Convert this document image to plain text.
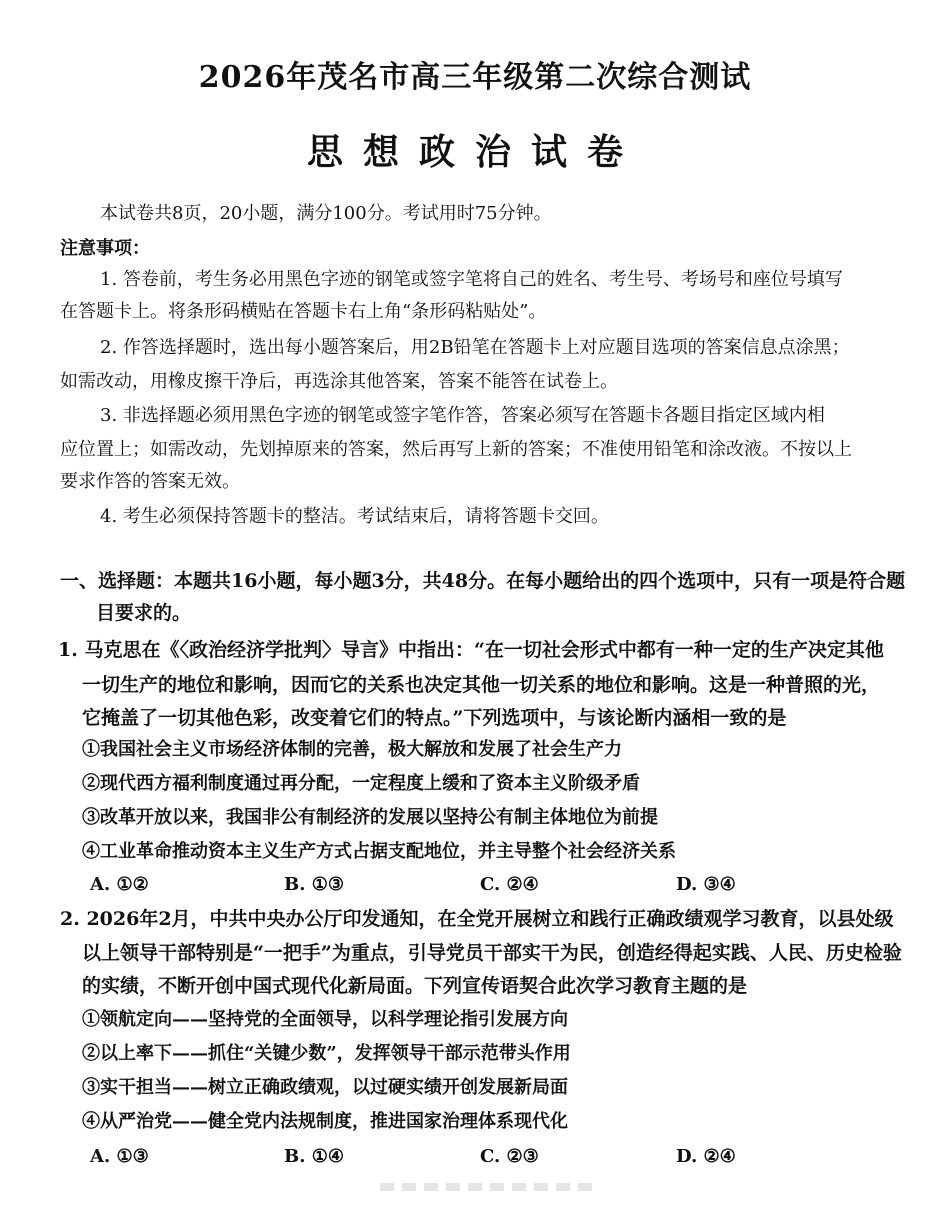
2026年茂名市高三年级第二次综合测试
思想政治试卷
本试卷共8页，20小题，满分100分。考试用时75分钟。
注意事项：
1. 答卷前，考生务必用黑色字迹的钢笔或签字笔将自己的姓名、考生号、考场号和座位号填写
在答题卡上。将条形码横贴在答题卡右上角“条形码粘贴处”。
2. 作答选择题时，选出每小题答案后，用2B铅笔在答题卡上对应题目选项的答案信息点涂黑；
如需改动，用橡皮擦干净后，再选涂其他答案，答案不能答在试卷上。
3. 非选择题必须用黑色字迹的钢笔或签字笔作答，答案必须写在答题卡各题目指定区域内相
应位置上；如需改动，先划掉原来的答案，然后再写上新的答案；不准使用铅笔和涂改液。不按以上
要求作答的答案无效。
4. 考生必须保持答题卡的整洁。考试结束后，请将答题卡交回。
一、选择题：本题共16小题，每小题3分，共48分。在每小题给出的四个选项中，只有一项是符合题
目要求的。
1. 马克思在《〈政治经济学批判〉导言》中指出：“在一切社会形式中都有一种一定的生产决定其他
一切生产的地位和影响，因而它的关系也决定其他一切关系的地位和影响。这是一种普照的光，
它掩盖了一切其他色彩，改变着它们的特点。”下列选项中，与该论断内涵相一致的是
①我国社会主义市场经济体制的完善，极大解放和发展了社会生产力
②现代西方福利制度通过再分配，一定程度上缓和了资本主义阶级矛盾
③改革开放以来，我国非公有制经济的发展以坚持公有制主体地位为前提
④工业革命推动资本主义生产方式占据支配地位，并主导整个社会经济关系
A. ①②	B. ①③	C. ②④	D. ③④
2. 2026年2月，中共中央办公厅印发通知，在全党开展树立和践行正确政绩观学习教育，以县处级
以上领导干部特别是“一把手”为重点，引导党员干部实干为民，创造经得起实践、人民、历史检验
的实绩，不断开创中国式现代化新局面。下列宣传语契合此次学习教育主题的是
①领航定向——坚持党的全面领导，以科学理论指引发展方向
②以上率下——抓住“关键少数”，发挥领导干部示范带头作用
③实干担当——树立正确政绩观，以过硬实绩开创发展新局面
④从严治党——健全党内法规制度，推进国家治理体系现代化
A. ①③	B. ①④	C. ②③	D. ②④
